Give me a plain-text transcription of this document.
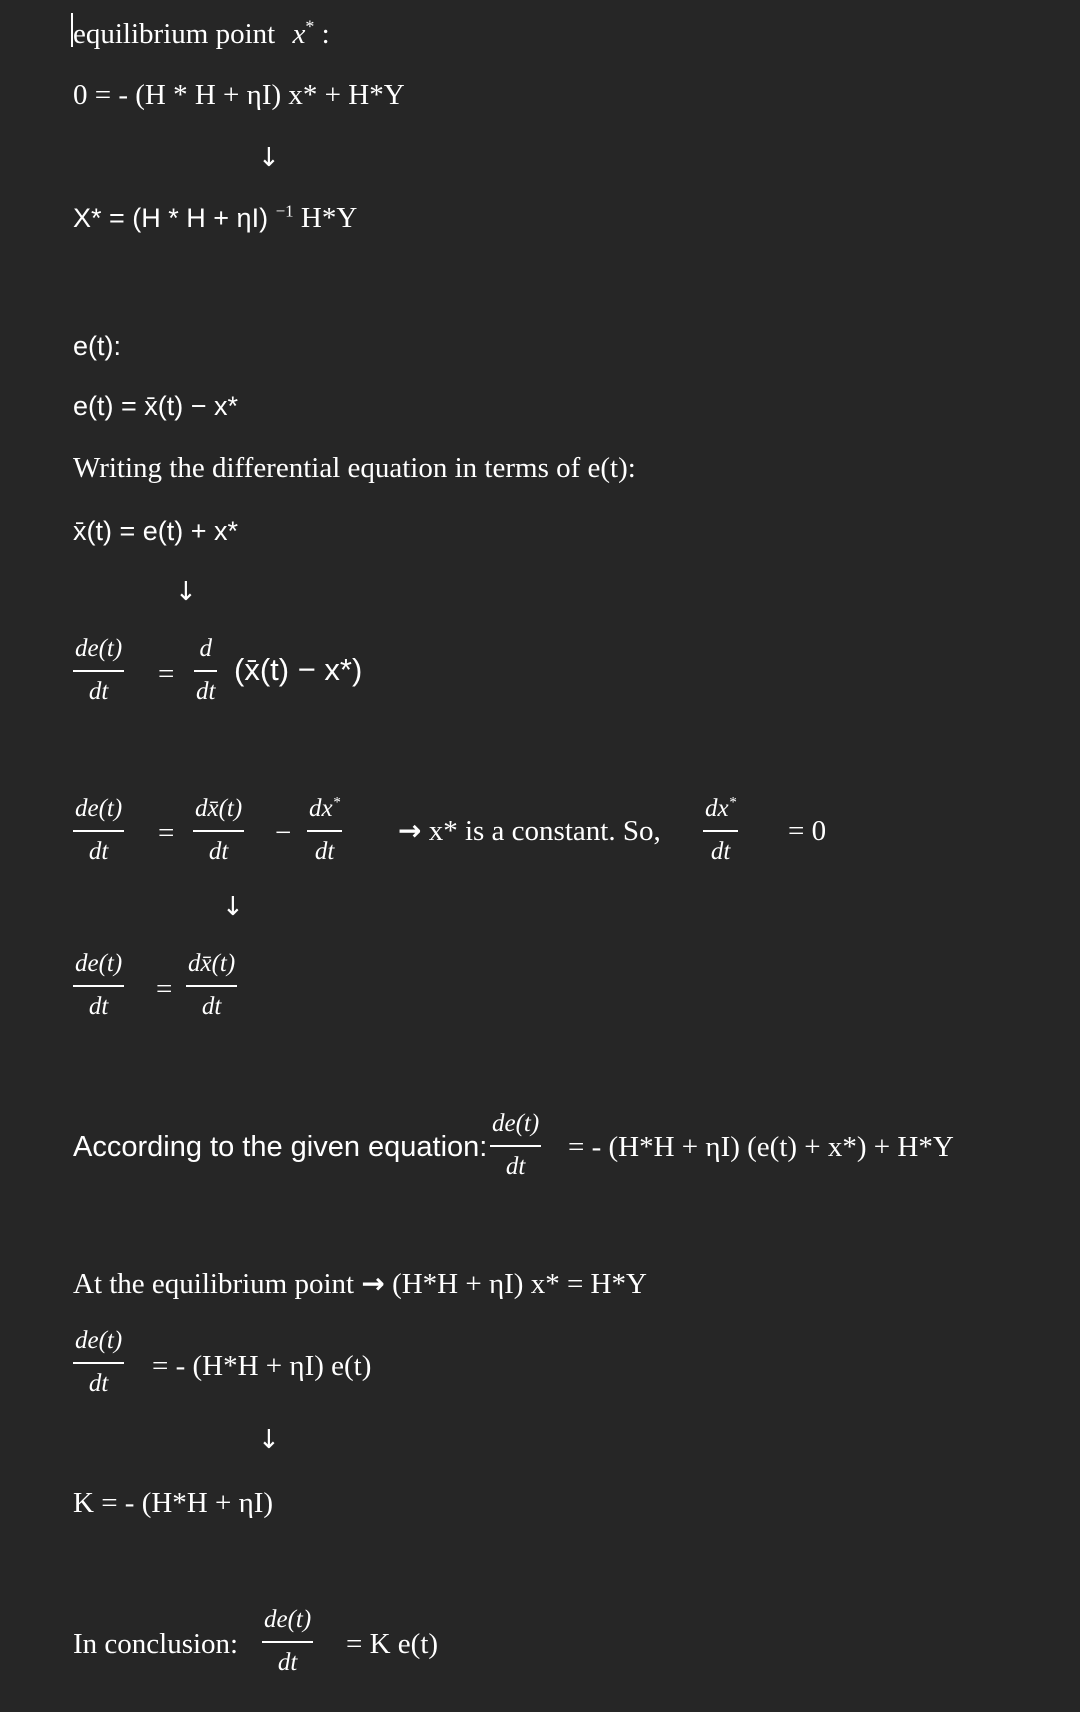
equilibrium point x* :
0 = - (H * H + ηI) x* + H*Y
↓
X* = (H * H + ηI) $^{-1}$ H*Y
e(t):
e(t) = x̄(t) − x*
Writing the differential equation in terms of e(t):
x̄(t) = e(t) + x*
↓
de(t)
dt
=
d
dt
(x̄(t) − x*)
de(t)
dt
=
dx̄(t)
dt
−
dx*
dt
→ x* is a constant. So,
dx*
dt
= 0
↓
de(t)
dt
=
dx̄(t)
dt
According to the given equation:
de(t)
dt
= - (H*H + ηI) (e(t) + x*) + H*Y
At the equilibrium point → (H*H + ηI) x* = H*Y
de(t)
dt
= - (H*H + ηI) e(t)
↓
K = - (H*H + ηI)
In conclusion:
de(t)
dt
= K e(t)
